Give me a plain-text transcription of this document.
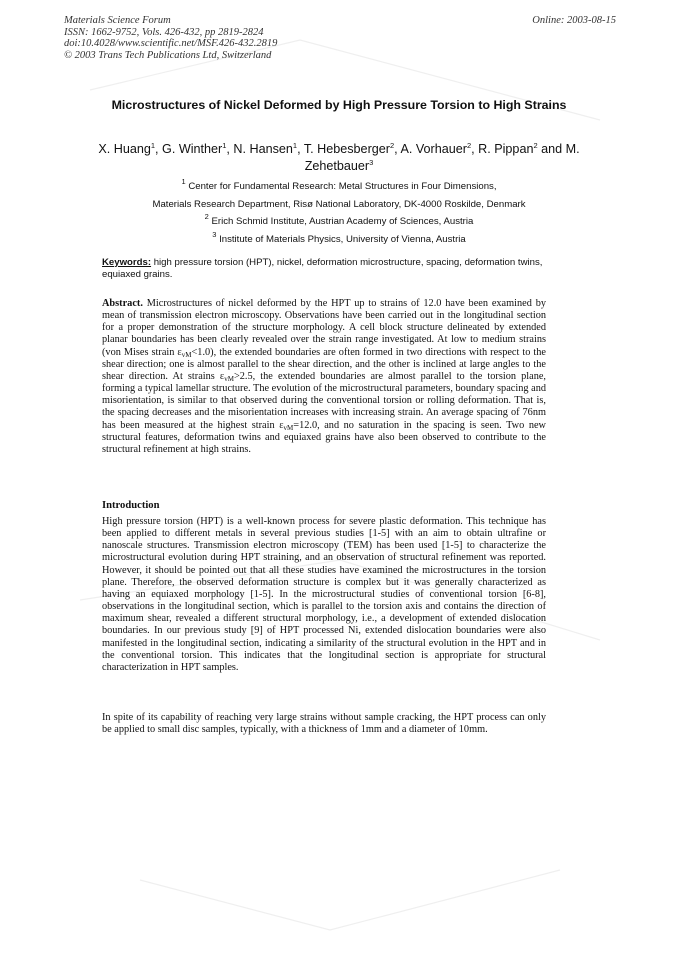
Materials Science Forum
ISSN: 1662-9752, Vols. 426-432, pp 2819-2824
doi:10.4028/www.scientific.net/MSF.426-432.2819
© 2003 Trans Tech Publications Ltd, Switzerland
Online: 2003-08-15
Microstructures of Nickel Deformed by High Pressure Torsion to High Strains
X. Huang$^1$, G. Winther$^1$, N. Hansen$^1$, T. Hebesberger$^2$, A. Vorhauer$^2$, R. Pippan$^2$ and M. Zehetbauer$^3$
$^1$ Center for Fundamental Research: Metal Structures in Four Dimensions,
Materials Research Department, Risø National Laboratory, DK-4000 Roskilde, Denmark
$^2$ Erich Schmid Institute, Austrian Academy of Sciences, Austria
$^3$ Institute of Materials Physics, University of Vienna, Austria
Keywords: high pressure torsion (HPT), nickel, deformation microstructure, spacing, deformation twins, equiaxed grains.
Abstract. Microstructures of nickel deformed by the HPT up to strains of 12.0 have been examined by mean of transmission electron microscopy. Observations have been carried out in the longitudinal section for a proper demonstration of the structure morphology. A cell block structure delineated by extended planar boundaries has been clearly revealed over the strain range investigated. At low to medium strains (von Mises strain $\varepsilon_{vM}<1.0$), the extended boundaries are often formed in two directions with respect to the shear direction; one is almost parallel to the shear direction, and the other is inclined at large angles to the shear direction. At strains $\varepsilon_{vM}>2.5$, the extended boundaries are almost parallel to the torsion plane, forming a typical lamellar structure. The evolution of the microstructural parameters, boundary spacing and misorientation, is similar to that observed during the conventional torsion or rolling deformation. That is, the spacing decreases and the misorientation increases with increasing strain. An average spacing of 76nm has been measured at the highest strain $\varepsilon_{vM}=12.0$, and no saturation in the spacing is seen. Two new structural features, deformation twins and equiaxed grains have also been observed to contribute to the structural refinement at high strains.
Introduction
High pressure torsion (HPT) is a well-known process for severe plastic deformation. This technique has been applied to different metals in several previous studies [1-5] with an aim to obtain ultrafine or nanoscale structures. Transmission electron microscopy (TEM) has been used [1-5] to characterize the microstructural evolution during HPT straining, and an observation of structural refinement was reported. However, it should be pointed out that all these studies have examined the microstructures in the torsion plane. Therefore, the observed deformation structure is complex but it was generally characterized as having an equiaxed morphology [1-5]. In the microstructural studies of conventional torsion [6-8], observations in the longitudinal section, which is parallel to the torsion axis and contains the direction of maximum shear, revealed a different structural morphology, i.e., a development of extended dislocation boundaries. In our previous study [9] of HPT processed Ni, extended dislocation boundaries were also manifested in the longitudinal section, indicating a similarity of the structural evolution in the HPT and in the conventional torsion. This indicates that the longitudinal section is appropriate for structural characterization in HPT samples.
In spite of its capability of reaching very large strains without sample cracking, the HPT process can only be applied to small disc samples, typically, with a thickness of 1mm and a diameter of 10mm.
